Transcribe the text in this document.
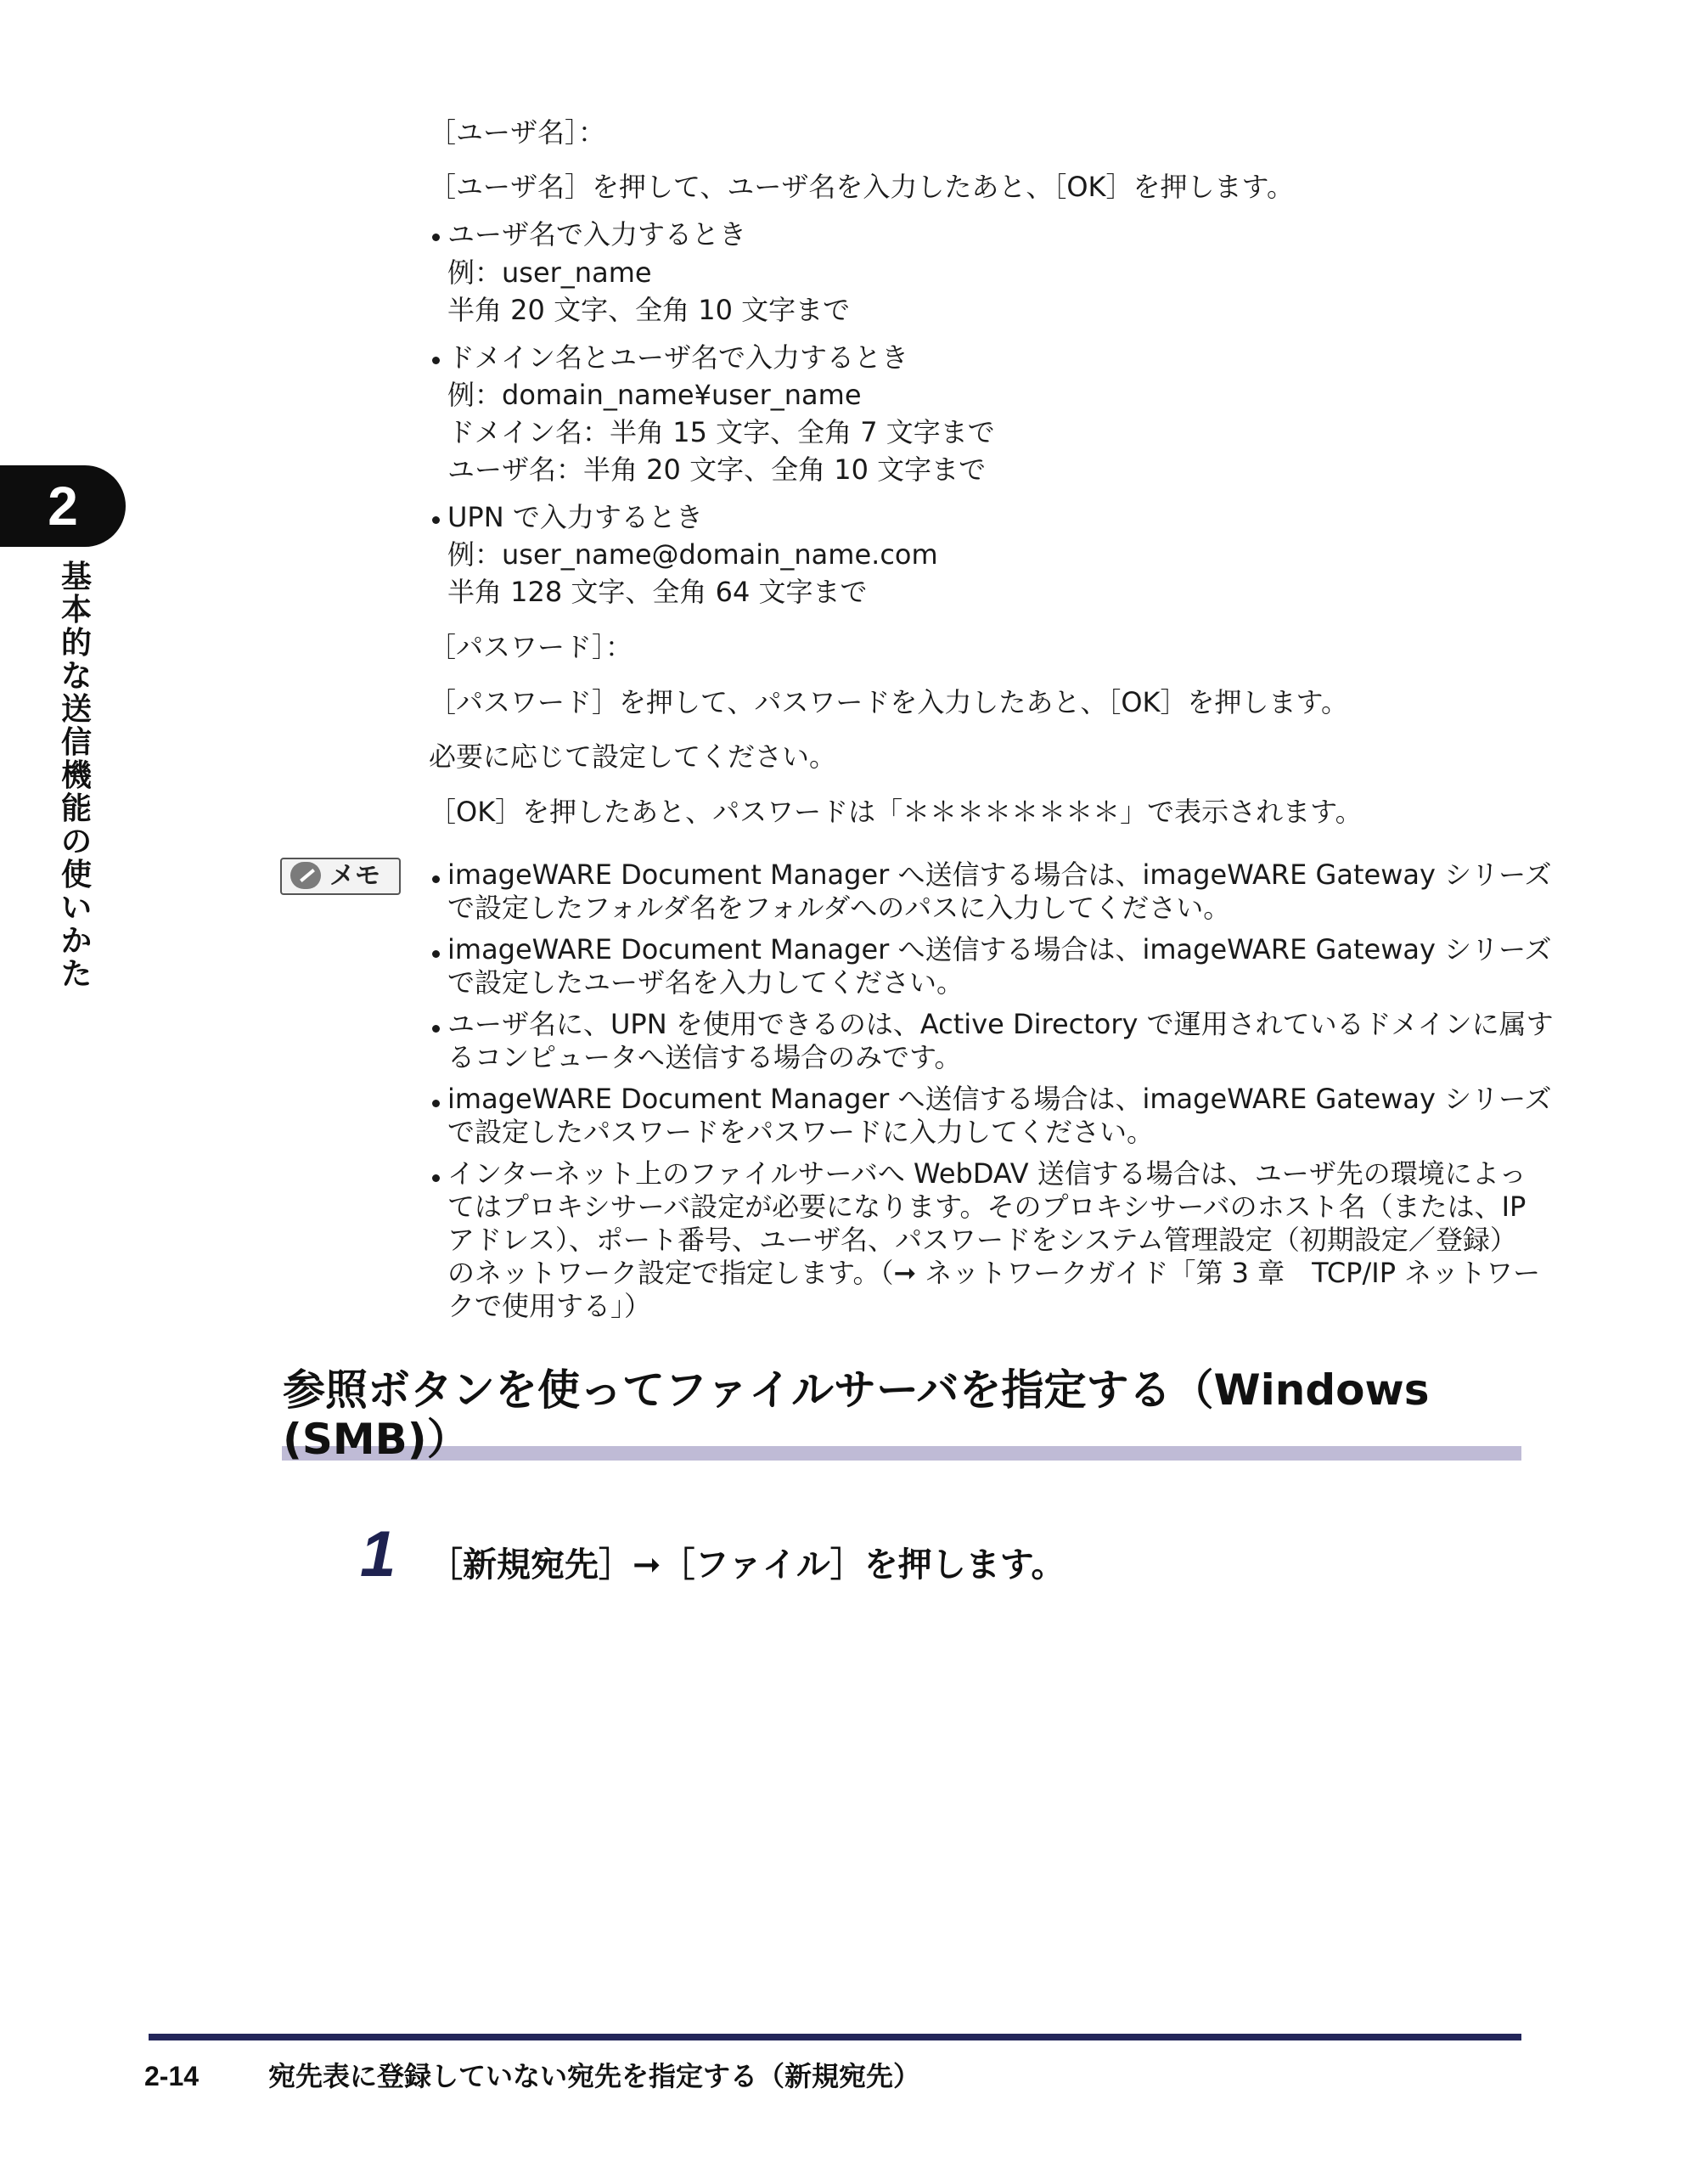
2
基
本
的
な
送
信
機
能
の
使
い
か
た
［ユーザ名］：
［ユーザ名］を押して、ユーザ名を入力したあと、［OK］を押します。
ユーザ名で入力するとき
例：user_name
半角 20 文字、全角 10 文字まで
ドメイン名とユーザ名で入力するとき
例：domain_name¥user_name
ドメイン名：半角 15 文字、全角 7 文字まで
ユーザ名：半角 20 文字、全角 10 文字まで
UPN で入力するとき
例：user_name@domain_name.com
半角 128 文字、全角 64 文字まで
［パスワード］：
［パスワード］を押して、パスワードを入力したあと、［OK］を押します。
必要に応じて設定してください。
［OK］を押したあと、パスワードは「＊＊＊＊＊＊＊＊」で表示されます。
メモ imageWARE Document Manager へ送信する場合は、imageWARE Gateway シリーズ
で設定したフォルダ名をフォルダへのパスに入力してください。
imageWARE Document Manager へ送信する場合は、imageWARE Gateway シリーズ
で設定したユーザ名を入力してください。
ユーザ名に、UPN を使用できるのは、Active Directory で運用されているドメインに属す
るコンピュータへ送信する場合のみです。
imageWARE Document Manager へ送信する場合は、imageWARE Gateway シリーズ
で設定したパスワードをパスワードに入力してください。
インターネット上のファイルサーバへ WebDAV 送信する場合は、ユーザ先の環境によっ
てはプロキシサーバ設定が必要になります。そのプロキシサーバのホスト名（または、IP
アドレス）、ポート番号、ユーザ名、パスワードをシステム管理設定（初期設定／登録）
のネットワーク設定で指定します。（➞ ネットワークガイド「第 3 章　TCP/IP ネットワー
クで使用する」）
参照ボタンを使ってファイルサーバを指定する（Windows
(SMB)）
1 ［新規宛先］➞［ファイル］を押します。
2-14	宛先表に登録していない宛先を指定する（新規宛先）
